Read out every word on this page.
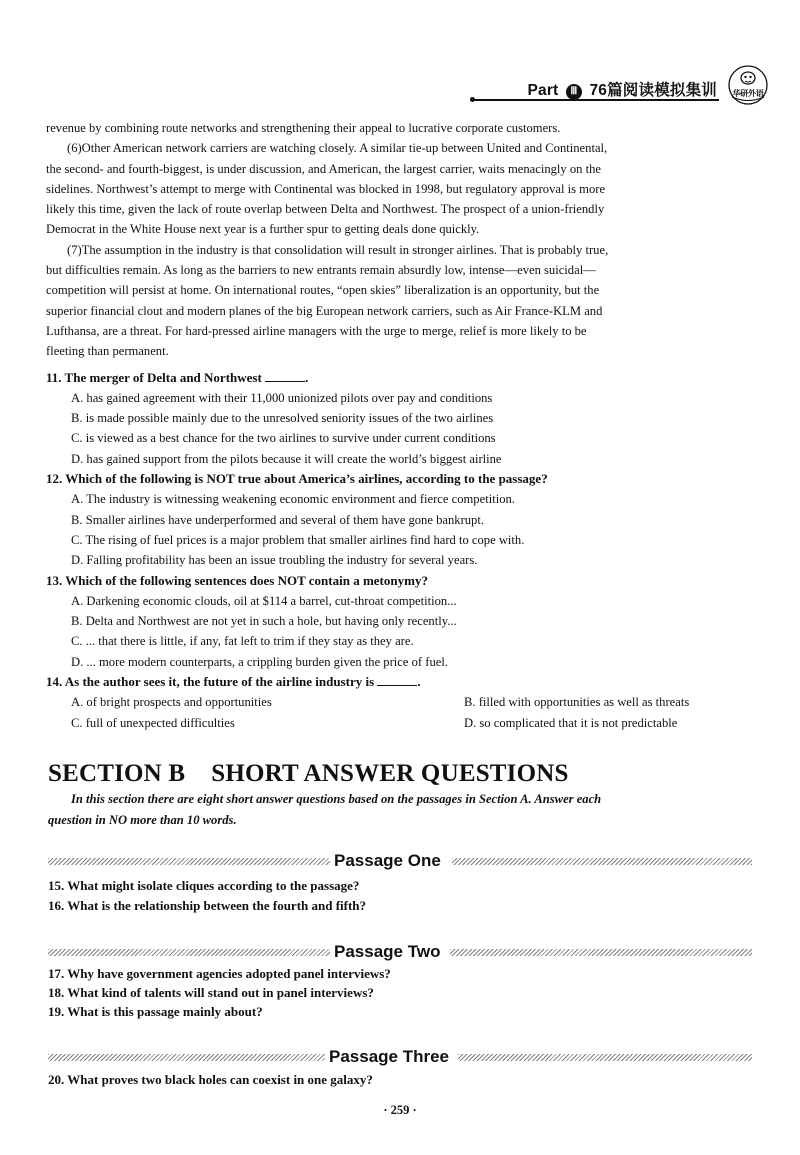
Part Ⅲ 76篇阅读模拟集训	华研外语

revenue by combining route networks and strengthening their appeal to lucrative corporate customers.

(6)Other American network carriers are watching closely. A similar tie-up between United and Continental,
the second- and fourth-biggest, is under discussion, and American, the largest carrier, waits menacingly on the
sidelines. Northwest’s attempt to merge with Continental was blocked in 1998, but regulatory approval is more
likely this time, given the lack of route overlap between Delta and Northwest. The prospect of a union-friendly
Democrat in the White House next year is a further spur to getting deals done quickly.

(7)The assumption in the industry is that consolidation will result in stronger airlines. That is probably true,
but difficulties remain. As long as the barriers to new entrants remain absurdly low, intense—even suicidal—
competition will persist at home. On international routes, “open skies” liberalization is an opportunity, but the
superior financial clout and modern planes of the big European network carriers, such as Air France-KLM and
Lufthansa, are a threat. For hard-pressed airline managers with the urge to merge, relief is more likely to be
fleeting than permanent.

11. The merger of Delta and Northwest	.

A. has gained agreement with their 11,000 unionized pilots over pay and conditions

B. is made possible mainly due to the unresolved seniority issues of the two airlines

C. is viewed as a best chance for the two airlines to survive under current conditions

D. has gained support from the pilots because it will create the world’s biggest airline

12. Which of the following is NOT true about America’s airlines, according to the passage?

A. The industry is witnessing weakening economic environment and fierce competition.

B. Smaller airlines have underperformed and several of them have gone bankrupt.

C. The rising of fuel prices is a major problem that smaller airlines find hard to cope with.

D. Falling profitability has been an issue troubling the industry for several years.

13. Which of the following sentences does NOT contain a metonymy?

A. Darkening economic clouds, oil at $114 a barrel, cut-throat competition...

B. Delta and Northwest are not yet in such a hole, but having only recently...

C. ... that there is little, if any, fat left to trim if they stay as they are.

D. ... more modern counterparts, a crippling burden given the price of fuel.

14. As the author sees it, the future of the airline industry is	.

A. of bright prospects and opportunities	B. filled with opportunities as well as threats
C. full of unexpected difficulties	D. so complicated that it is not predictable
SECTION B SHORT ANSWER QUESTIONS
In this section there are eight short answer questions based on the passages in Section A. Answer each
question in NO more than 10 words.
Passage One
15. What might isolate cliques according to the passage?
16. What is the relationship between the fourth and fifth?
Passage Two
17. Why have government agencies adopted panel interviews?
18. What kind of talents will stand out in panel interviews?
19. What is this passage mainly about?
Passage Three
20. What proves two black holes can coexist in one galaxy?
· 259 ·
